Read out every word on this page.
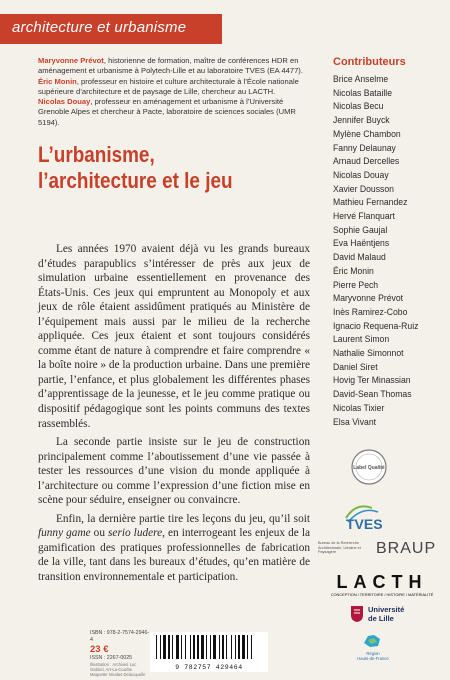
architecture et urbanisme
Maryvonne Prévot, historienne de formation, maître de conférences HDR en aménagement et urbanisme à Polytech-Lille et au laboratoire TVES (EA 4477).
Éric Monin, professeur en histoire et culture architecturale à l’École nationale supérieure d’architecture et de paysage de Lille, chercheur au LACTH.
Nicolas Douay, professeur en aménagement et urbanisme à l’Université Grenoble Alpes et chercheur à Pacte, laboratoire de sciences sociales (UMR 5194).
L’urbanisme,
l’architecture et le jeu

Les années 1970 avaient déjà vu les grands bureaux d’études parapublics s’intéresser de près aux jeux de simulation urbaine essentiellement en provenance des États-Unis. Ces jeux qui empruntent au Monopoly et aux jeux de rôle étaient assidûment pratiqués au Ministère de l’équipement mais aussi par le milieu de la recherche appliquée. Ces jeux étaient et sont toujours considérés comme étant de nature à comprendre et faire comprendre « la boîte noire » de la production urbaine. Dans une première partie, l’enfance, et plus globalement les différentes phases d’apprentissage de la jeunesse, et le jeu comme pratique ou dispositif pédagogique sont les points communs des textes rassemblés.

La seconde partie insiste sur le jeu de construction principalement comme l’aboutissement d’une vie passée à tester les ressources d’une vision du monde appliquée à l’architecture ou comme l’expression d’une fiction mise en scène pour séduire, enseigner ou convaincre.

Enfin, la dernière partie tire les leçons du jeu, qu’il soit funny game ou serio ludere, en interrogeant les enjeux de la gamification des pratiques professionnelles de fabrication de la ville, tant dans les bureaux d’études, qu’en matière de transition environnementale et participation.

Contributeurs
Brice Anselme
Nicolas Bataille
Nicolas Becu
Jennifer Buyck
Mylène Chambon
Fanny Delaunay
Arnaud Dercelles
Nicolas Douay
Xavier Dousson
Mathieu Fernandez
Hervé Flanquart
Sophie Gaujal
Eva Haëntjens
David Malaud
Éric Monin
Pierre Pech
Maryvonne Prévot
Inès Ramirez-Cobo
Ignacio Requena-Ruiz
Laurent Simon
Nathalie Simonnot
Daniel Siret
Hovig Ter Minassian
David-Sean Thomas
Nicolas Tixier
Elsa Vivant
Label Qualité
TVES
Bureau de la Recherche Architecturale, Urbaine et Paysagère	BRAUP
LACTH
CONCEPTION / TERRITOIRE / HISTOIRE / MATÉRIALITÉ
Université
de Lille
Région
Hauts-de-France
ISBN : 978-2-7574-2946-4
23 €
ISSN : 2267-0025
Illustration : Archives Luc Gabriel, Art-La-Courbe
Maquette Nicolas Delacquelle
9 782757 429464
